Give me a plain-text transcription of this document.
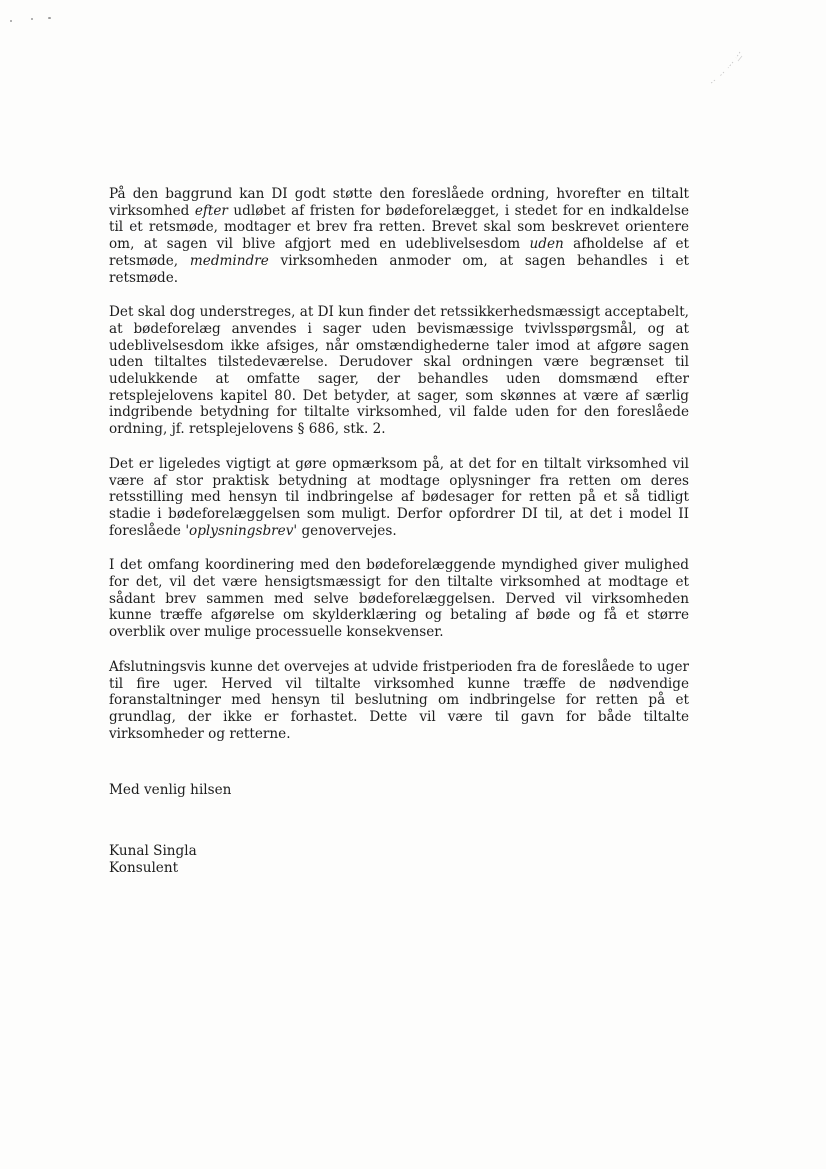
På den baggrund kan DI godt støtte den foreslåede ordning, hvorefter en tiltalt virksomhed efter udløbet af fristen for bødeforelægget, i stedet for en indkaldelse til et retsmøde, modtager et brev fra retten. Brevet skal som beskrevet orientere om, at sagen vil blive afgjort med en udeblivelsesdom uden afholdelse af et retsmøde, medmindre virksomheden anmoder om, at sagen behandles i et retsmøde.

Det skal dog understreges, at DI kun finder det retssikkerhedsmæssigt acceptabelt, at bødeforelæg anvendes i sager uden bevismæssige tvivlsspørgsmål, og at udeblivelsesdom ikke afsiges, når omstændighederne taler imod at afgøre sagen uden tiltaltes tilstedeværelse. Derudover skal ordningen være begrænset til udelukkende at omfatte sager, der behandles uden domsmænd efter retsplejelovens kapitel 80. Det betyder, at sager, som skønnes at være af særlig indgribende betydning for tiltalte virksomhed, vil falde uden for den foreslåede ordning, jf. retsplejelovens § 686, stk. 2.

Det er ligeledes vigtigt at gøre opmærksom på, at det for en tiltalt virksomhed vil være af stor praktisk betydning at modtage oplysninger fra retten om deres retsstilling med hensyn til indbringelse af bødesager for retten på et så tidligt stadie i bødeforelæggelsen som muligt. Derfor opfordrer DI til, at det i model II foreslåede 'oplysningsbrev' genovervejes.

I det omfang koordinering med den bødeforelæggende myndighed giver mulighed for det, vil det være hensigtsmæssigt for den tiltalte virksomhed at modtage et sådant brev sammen med selve bødeforelæggelsen. Derved vil virksomheden kunne træffe afgørelse om skylderklæring og betaling af bøde og få et større overblik over mulige processuelle konsekvenser.

Afslutningsvis kunne det overvejes at udvide fristperioden fra de foreslåede to uger til fire uger. Herved vil tiltalte virksomhed kunne træffe de nødvendige foranstaltninger med hensyn til beslutning om indbringelse for retten på et grundlag, der ikke er forhastet. Dette vil være til gavn for både tiltalte virksomheder og retterne.

Med venlig hilsen

Kunal Singla
Konsulent
